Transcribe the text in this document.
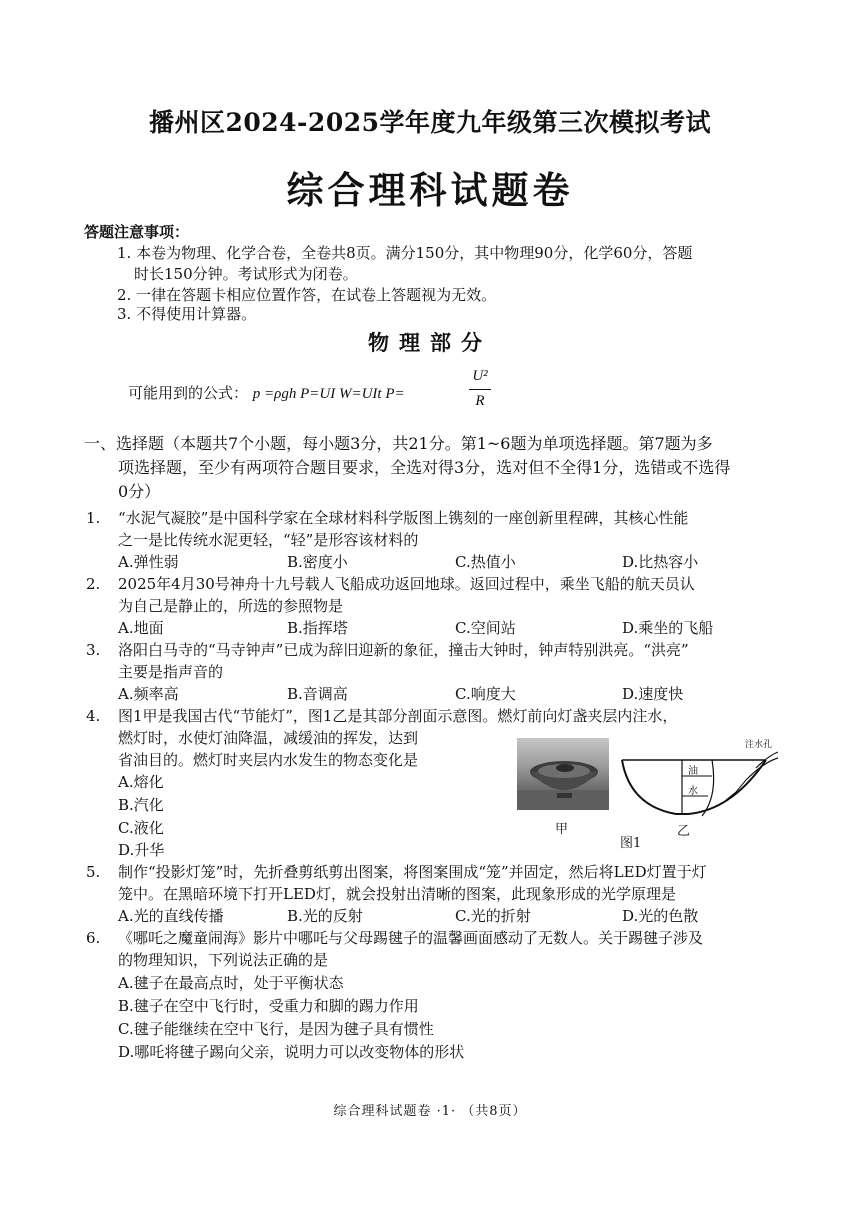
播州区2024-2025学年度九年级第三次模拟考试
综合理科试题卷
答题注意事项：
1. 本卷为物理、化学合卷，全卷共8页。满分150分，其中物理90分，化学60分，答题
时长150分钟。考试形式为闭卷。
2. 一律在答题卡相应位置作答，在试卷上答题视为无效。
3. 不得使用计算器。
物理部分
可能用到的公式： p =ρgh P=UI W=UIt P=
U²
R
一、选择题（本题共7个小题，每小题3分，共21分。第1~6题为单项选择题。第7题为多
项选择题，至少有两项符合题目要求，全选对得3分，选对但不全得1分，选错或不选得
0分）
1. “水泥气凝胶”是中国科学家在全球材料科学版图上镌刻的一座创新里程碑，其核心性能
之一是比传统水泥更轻，“轻”是形容该材料的
A.弹性弱	B.密度小	C.热值小	D.比热容小
2. 2025年4月30号神舟十九号载人飞船成功返回地球。返回过程中，乘坐飞船的航天员认
为自己是静止的，所选的参照物是
A.地面	B.指挥塔	C.空间站	D.乘坐的飞船
3. 洛阳白马寺的“马寺钟声”已成为辞旧迎新的象征，撞击大钟时，钟声特别洪亮。“洪亮”
主要是指声音的
A.频率高	B.音调高	C.响度大	D.速度快
4. 图1甲是我国古代“节能灯”，图1乙是其部分剖面示意图。燃灯前向灯盏夹层内注水，
燃灯时，水使灯油降温，减缓油的挥发，达到
省油目的。燃灯时夹层内水发生的物态变化是
A.熔化
B.汽化
C.液化
D.升华
甲
注水孔
油
水
乙
图1
5. 制作“投影灯笼”时，先折叠剪纸剪出图案，将图案围成“笼”并固定，然后将LED灯置于灯
笼中。在黑暗环境下打开LED灯，就会投射出清晰的图案，此现象形成的光学原理是
A.光的直线传播	B.光的反射	C.光的折射	D.光的色散
6. 《哪吒之魔童闹海》影片中哪吒与父母踢毽子的温馨画面感动了无数人。关于踢毽子涉及
的物理知识，下列说法正确的是
A.毽子在最高点时，处于平衡状态
B.毽子在空中飞行时，受重力和脚的踢力作用
C.毽子能继续在空中飞行，是因为毽子具有惯性
D.哪吒将毽子踢向父亲，说明力可以改变物体的形状
综合理科试题卷 ·1· （共8页）
